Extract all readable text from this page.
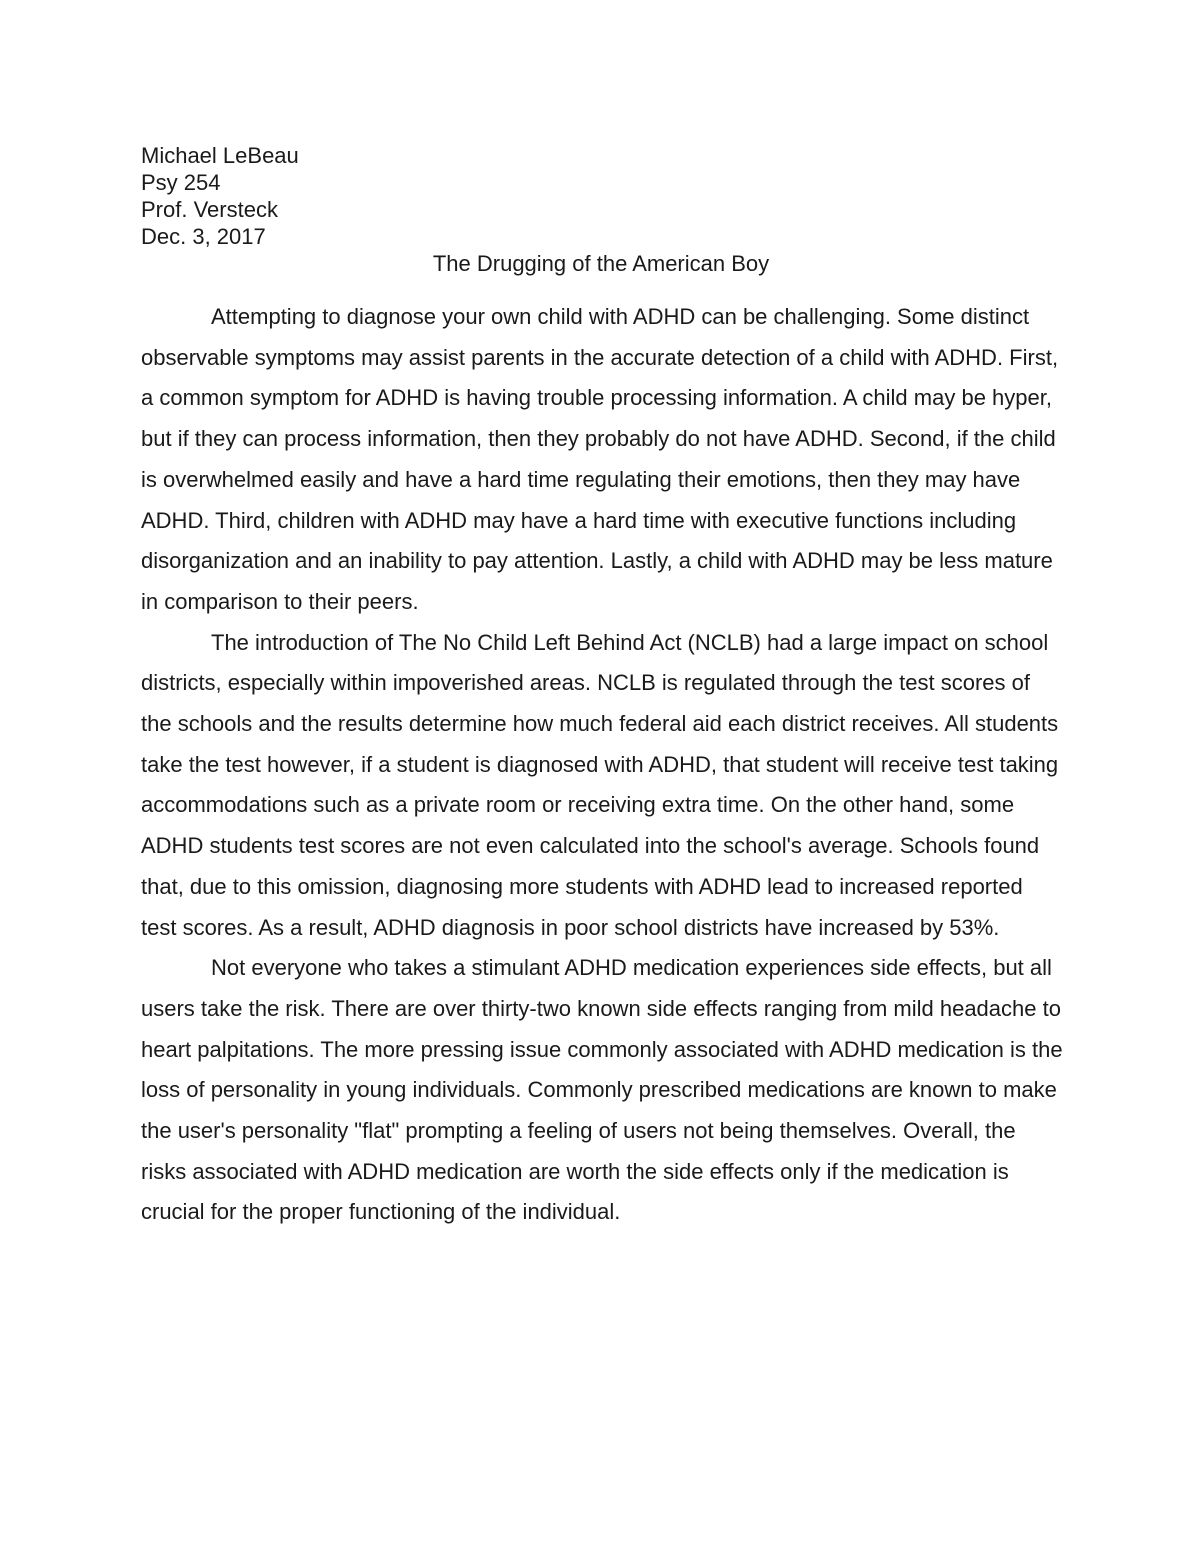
Michael LeBeau
Psy 254
Prof. Versteck
Dec. 3, 2017
The Drugging of the American Boy

Attempting to diagnose your own child with ADHD can be challenging. Some distinct observable symptoms may assist parents in the accurate detection of a child with ADHD. First, a common symptom for ADHD is having trouble processing information. A child may be hyper, but if they can process information, then they probably do not have ADHD. Second, if the child is overwhelmed easily and have a hard time regulating their emotions, then they may have ADHD. Third, children with ADHD may have a hard time with executive functions including disorganization and an inability to pay attention. Lastly, a child with ADHD may be less mature in comparison to their peers.

The introduction of The No Child Left Behind Act (NCLB) had a large impact on school districts, especially within impoverished areas. NCLB is regulated through the test scores of the schools and the results determine how much federal aid each district receives. All students take the test however, if a student is diagnosed with ADHD, that student will receive test taking accommodations such as a private room or receiving extra time. On the other hand, some ADHD students test scores are not even calculated into the school's average. Schools found that, due to this omission, diagnosing more students with ADHD lead to increased reported test scores. As a result, ADHD diagnosis in poor school districts have increased by 53%.

Not everyone who takes a stimulant ADHD medication experiences side effects, but all users take the risk. There are over thirty-two known side effects ranging from mild headache to heart palpitations. The more pressing issue commonly associated with ADHD medication is the loss of personality in young individuals. Commonly prescribed medications are known to make the user's personality "flat" prompting a feeling of users not being themselves. Overall, the risks associated with ADHD medication are worth the side effects only if the medication is crucial for the proper functioning of the individual.
